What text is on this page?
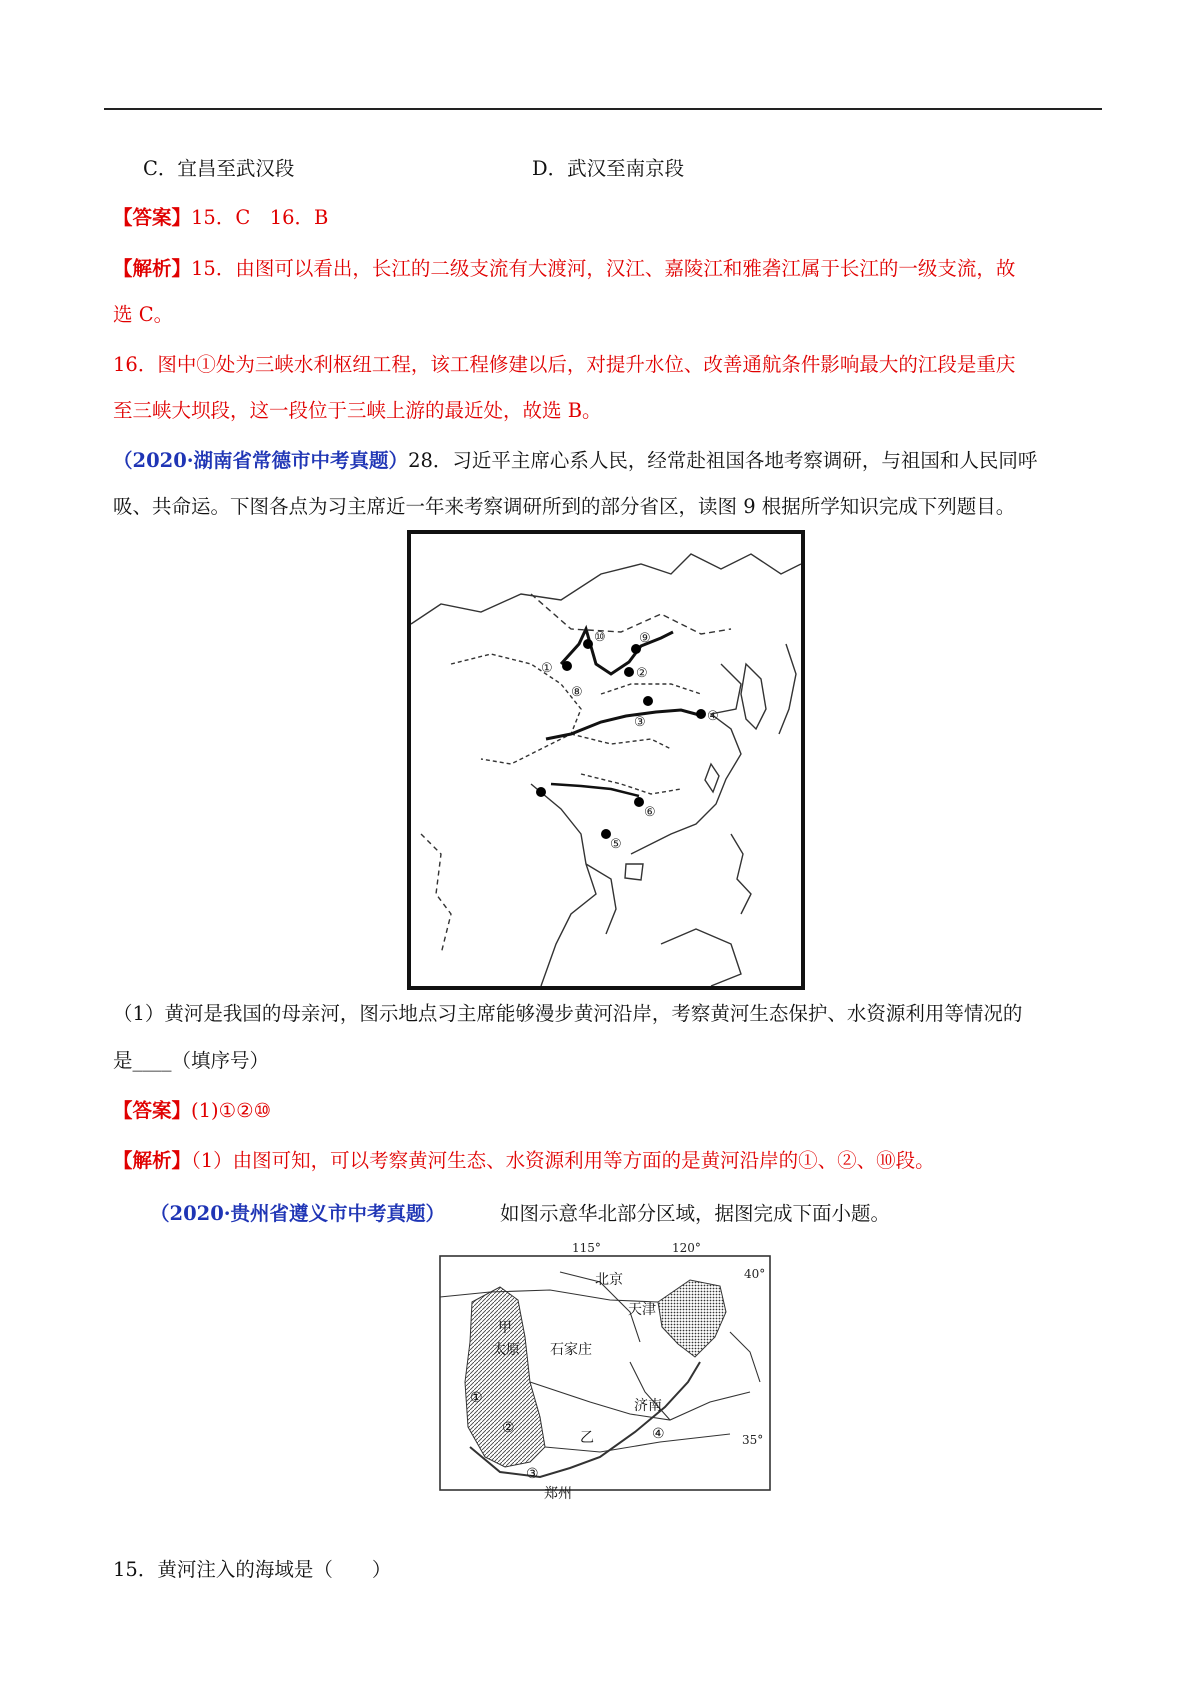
C．宜昌至武汉段	D．武汉至南京段
【答案】15．C　16．B
【解析】15．由图可以看出，长江的二级支流有大渡河，汉江、嘉陵江和雅砻江属于长江的一级支流，故
选 C。
16．图中①处为三峡水利枢纽工程，该工程修建以后，对提升水位、改善通航条件影响最大的江段是重庆
至三峡大坝段，这一段位于三峡上游的最近处，故选 B。
（2020·湖南省常德市中考真题）28．习近平主席心系人民，经常赴祖国各地考察调研，与祖国和人民同呼
吸、共命运。下图各点为习主席近一年来考察调研所到的部分省区，读图 9 根据所学知识完成下列题目。
①	②
③	④
⑤
⑥
⑧
⑨
⑩
（1）黄河是我国的母亲河，图示地点习主席能够漫步黄河沿岸，考察黄河生态保护、水资源利用等情况的
是____（填序号）
【答案】(1)①②⑩
【解析】（1）由图可知，可以考察黄河生态、水资源利用等方面的是黄河沿岸的①、②、⑩段。
（2020·贵州省遵义市中考真题）	如图示意华北部分区域，据图完成下面小题。
115°	120°
40°
35°
北京
天津
甲
太原 石家庄
济南
郑州
乙
①
②
③
④
15．黄河注入的海域是（　　）
